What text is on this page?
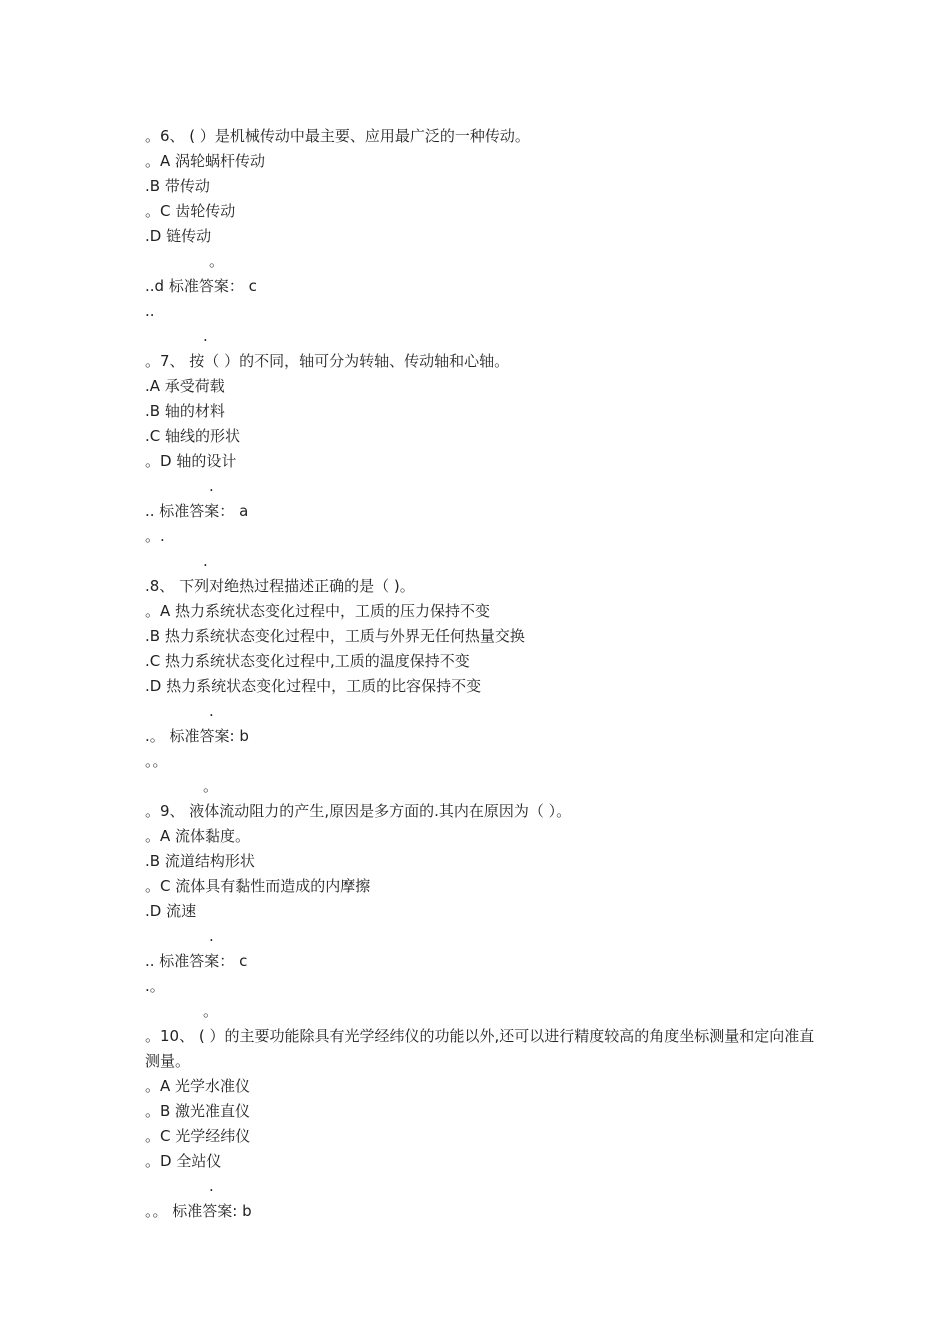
。6、 ( ）是机械传动中最主要、应用最广泛的一种传动。
。A 涡轮蜗杆传动
.B 带传动
。C 齿轮传动
.D 链传动
。
..d 标准答案： c
..
.
。7、 按（ ）的不同，轴可分为转轴、传动轴和心轴。
.A 承受荷载
.B 轴的材料
.C 轴线的形状
。D 轴的设计
.
.. 标准答案： a
。.
.
.8、 下列对绝热过程描述正确的是（ )。
。A 热力系统状态变化过程中，工质的压力保持不变
.B 热力系统状态变化过程中，工质与外界无任何热量交换
.C 热力系统状态变化过程中,工质的温度保持不变
.D 热力系统状态变化过程中，工质的比容保持不变
.
.。 标准答案: b
。。
。
。9、 液体流动阻力的产生,原因是多方面的.其内在原因为（ ）。
。A 流体黏度。
.B 流道结构形状
。C 流体具有黏性而造成的内摩擦
.D 流速
.
.. 标准答案： c
.。
。
。10、 ( ）的主要功能除具有光学经纬仪的功能以外,还可以进行精度较高的角度坐标测量和定向准直测量。
。A 光学水准仪
。B 激光准直仪
。C 光学经纬仪
。D 全站仪
.
。。 标准答案: b
